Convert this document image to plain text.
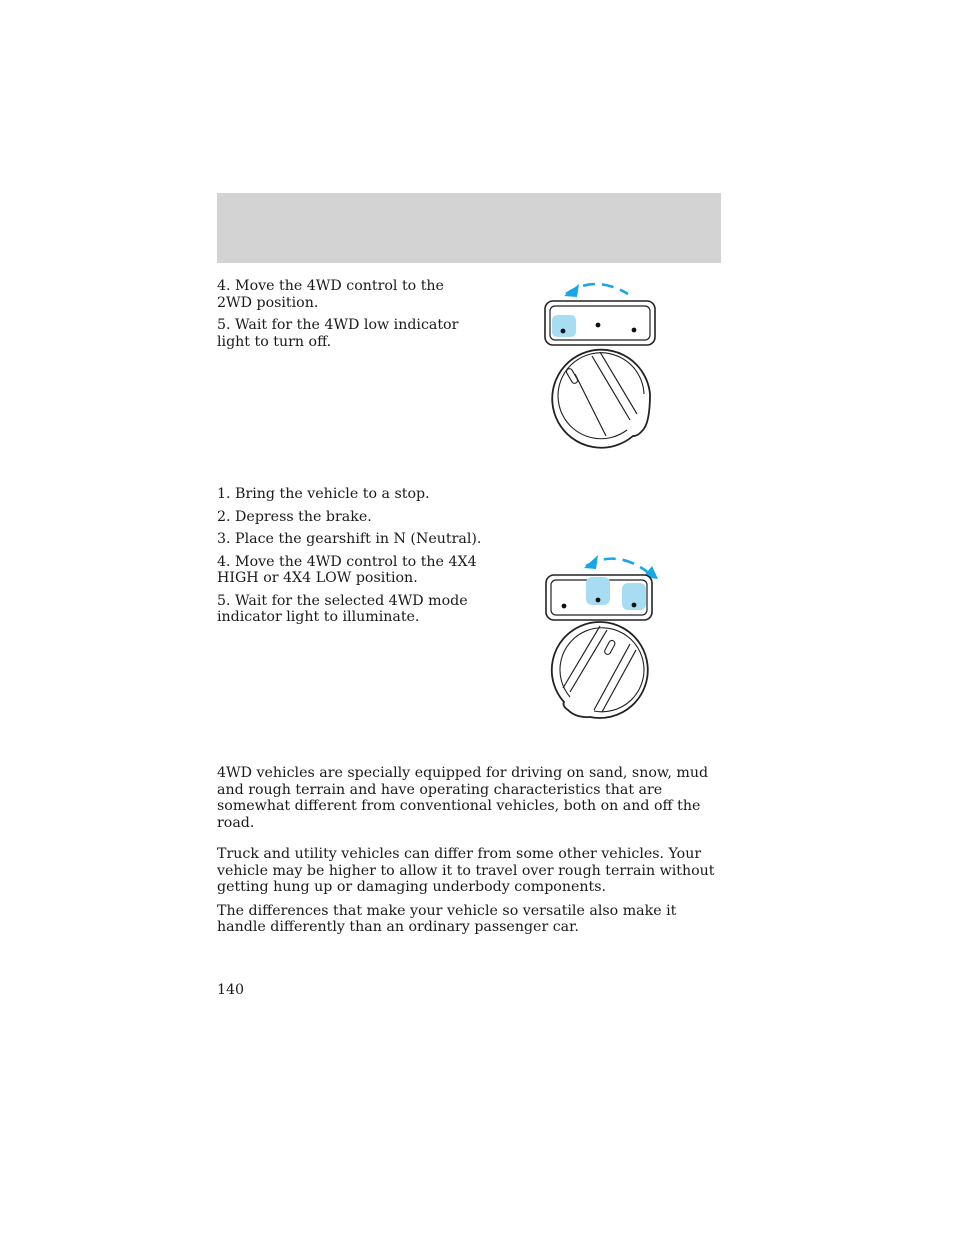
4. Move the 4WD control to the
2WD position.

5. Wait for the 4WD low indicator
light to turn off.

1. Bring the vehicle to a stop.

2. Depress the brake.

3. Place the gearshift in N (Neutral).

4. Move the 4WD control to the 4X4
HIGH or 4X4 LOW position.

5. Wait for the selected 4WD mode
indicator light to illuminate.

4WD vehicles are specially equipped for driving on sand, snow, mud and rough terrain and have operating characteristics that are somewhat different from conventional vehicles, both on and off the road.

Truck and utility vehicles can differ from some other vehicles. Your vehicle may be higher to allow it to travel over rough terrain without getting hung up or damaging underbody components.

The differences that make your vehicle so versatile also make it handle differently than an ordinary passenger car.

140
